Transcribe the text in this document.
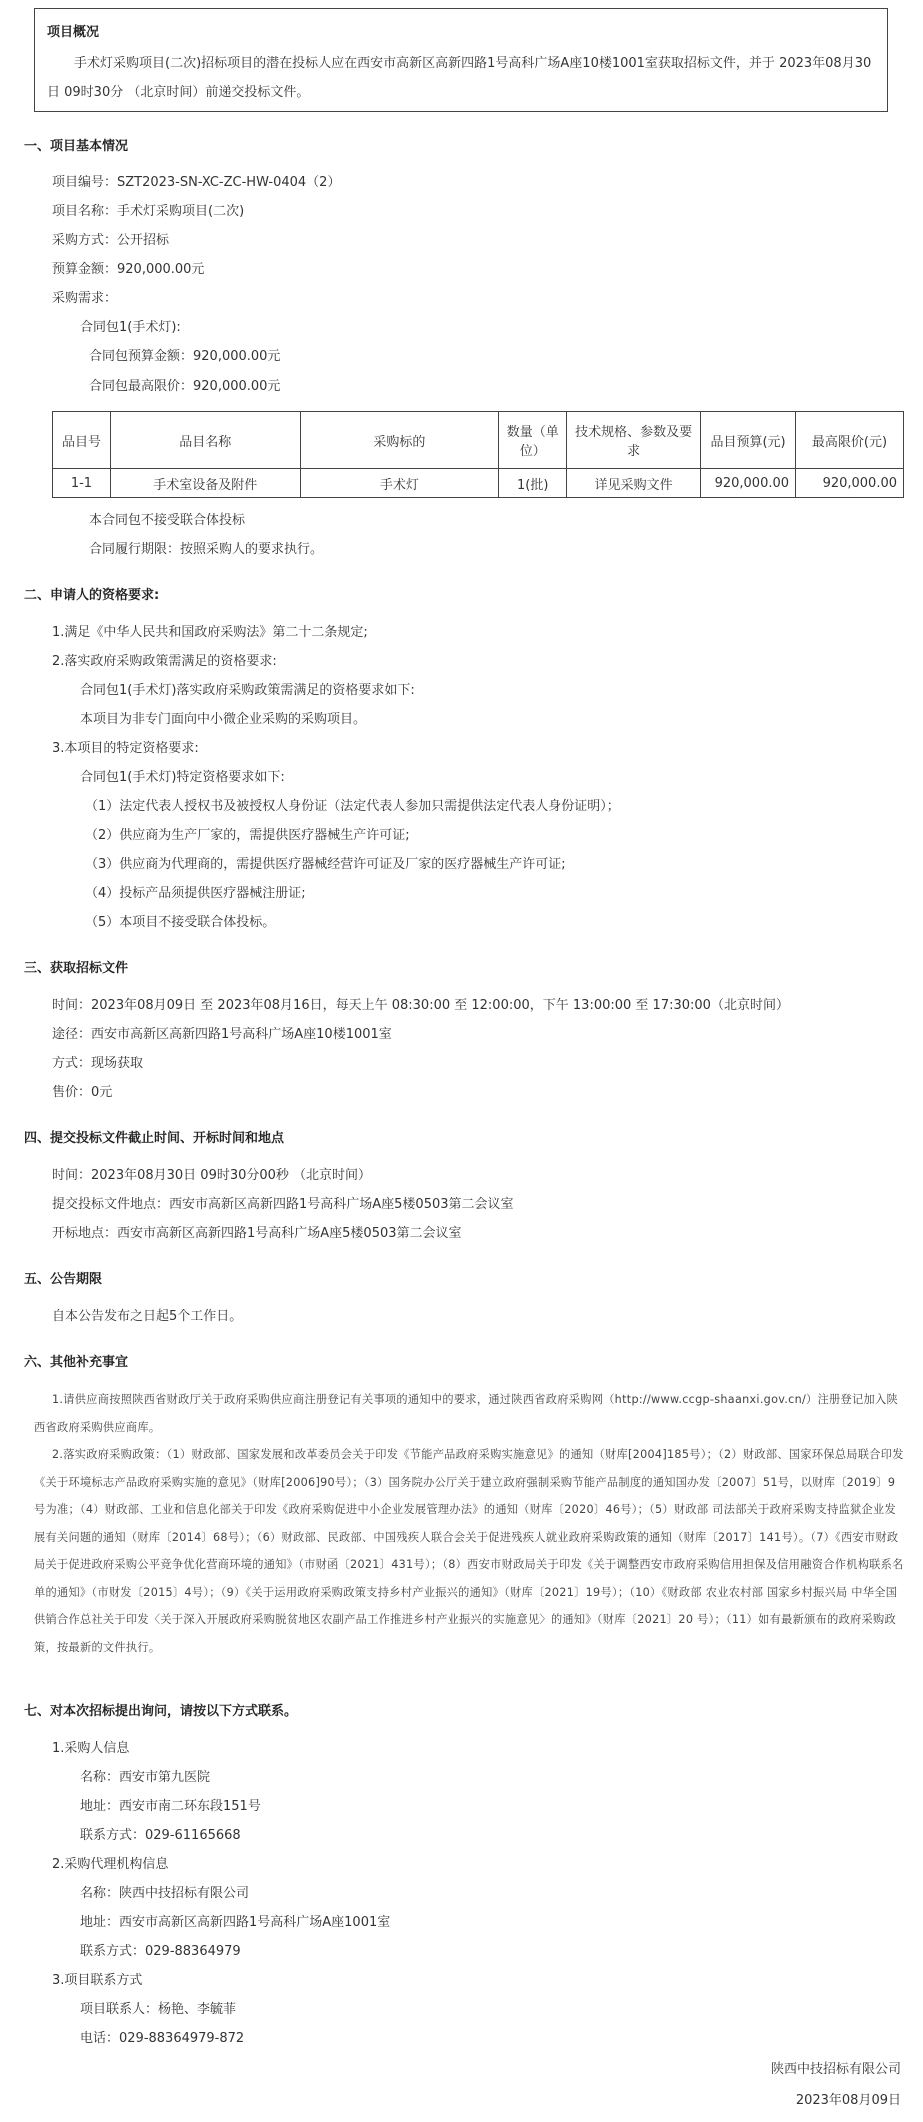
项目概况
手术灯采购项目(二次)招标项目的潜在投标人应在西安市高新区高新四路1号高科广场A座10楼1001室获取招标文件，并于 2023年08月30日 09时30分 （北京时间）前递交投标文件。
一、项目基本情况
项目编号：SZT2023-SN-XC-ZC-HW-0404（2）
项目名称：手术灯采购项目(二次)
采购方式：公开招标
预算金额：920,000.00元
采购需求：
合同包1(手术灯):
合同包预算金额：920,000.00元
合同包最高限价：920,000.00元
品目号	品目名称	采购标的	数量（单位）	技术规格、参数及要求	品目预算(元)	最高限价(元)
1-1	手术室设备及附件	手术灯	1(批)	详见采购文件	920,000.00	920,000.00
本合同包不接受联合体投标
合同履行期限：按照采购人的要求执行。
二、申请人的资格要求:
1.满足《中华人民共和国政府采购法》第二十二条规定;
2.落实政府采购政策需满足的资格要求:
合同包1(手术灯)落实政府采购政策需满足的资格要求如下:
本项目为非专门面向中小微企业采购的采购项目。
3.本项目的特定资格要求:
合同包1(手术灯)特定资格要求如下:
（1）法定代表人授权书及被授权人身份证（法定代表人参加只需提供法定代表人身份证明）；
（2）供应商为生产厂家的，需提供医疗器械生产许可证;
（3）供应商为代理商的，需提供医疗器械经营许可证及厂家的医疗器械生产许可证;
（4）投标产品须提供医疗器械注册证;
（5）本项目不接受联合体投标。
三、获取招标文件
时间：2023年08月09日 至 2023年08月16日，每天上午 08:30:00 至 12:00:00，下午 13:00:00 至 17:30:00（北京时间）
途径：西安市高新区高新四路1号高科广场A座10楼1001室
方式：现场获取
售价：0元
四、提交投标文件截止时间、开标时间和地点
时间：2023年08月30日 09时30分00秒 （北京时间）
提交投标文件地点：西安市高新区高新四路1号高科广场A座5楼0503第二会议室
开标地点：西安市高新区高新四路1号高科广场A座5楼0503第二会议室
五、公告期限
自本公告发布之日起5个工作日。
六、其他补充事宜
1.请供应商按照陕西省财政厅关于政府采购供应商注册登记有关事项的通知中的要求，通过陕西省政府采购网（http://www.ccgp-shaanxi.gov.cn/）注册登记加入陕西省政府采购供应商库。
2.落实政府采购政策：（1）财政部、国家发展和改革委员会关于印发《节能产品政府采购实施意见》的通知（财库[2004]185号）；（2）财政部、国家环保总局联合印发《关于环境标志产品政府采购实施的意见》（财库[2006]90号）；（3）国务院办公厅关于建立政府强制采购节能产品制度的通知国办发〔2007〕51号，以财库〔2019〕9号为准；（4）财政部、工业和信息化部关于印发《政府采购促进中小企业发展管理办法》的通知（财库〔2020〕46号）；（5）财政部 司法部关于政府采购支持监狱企业发展有关问题的通知（财库〔2014〕68号）；（6）财政部、民政部、中国残疾人联合会关于促进残疾人就业政府采购政策的通知（财库〔2017〕141号）。（7）《西安市财政局关于促进政府采购公平竞争优化营商环境的通知》（市财函〔2021〕431号）；（8）西安市财政局关于印发《关于调整西安市政府采购信用担保及信用融资合作机构联系名单的通知》（市财发〔2015〕4号）；（9）《关于运用政府采购政策支持乡村产业振兴的通知》（财库〔2021〕19号）；（10）《财政部 农业农村部 国家乡村振兴局 中华全国供销合作总社关于印发〈关于深入开展政府采购脱贫地区农副产品工作推进乡村产业振兴的实施意见〉的通知》（财库〔2021〕20 号）；（11）如有最新颁布的政府采购政策，按最新的文件执行。
七、对本次招标提出询问，请按以下方式联系。
1.采购人信息
名称：西安市第九医院
地址：西安市南二环东段151号
联系方式：029-61165668
2.采购代理机构信息
名称：陕西中技招标有限公司
地址：西安市高新区高新四路1号高科广场A座1001室
联系方式：029-88364979
3.项目联系方式
项目联系人：杨艳、李毓菲
电话：029-88364979-872
陕西中技招标有限公司
2023年08月09日
